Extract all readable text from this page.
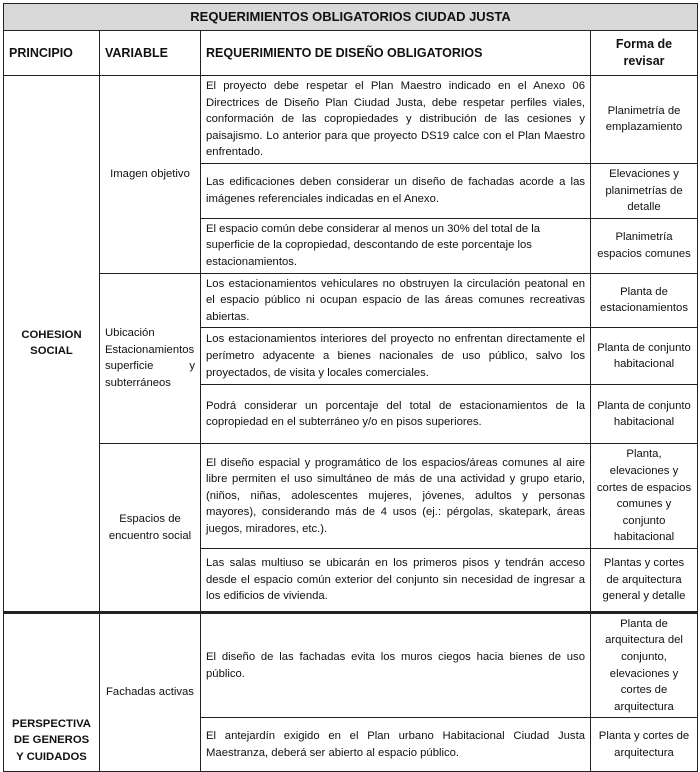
REQUERIMIENTOS OBLIGATORIOS CIUDAD JUSTA			
PRINCIPIO	VARIABLE	REQUERIMIENTO DE DISEÑO OBLIGATORIOS	Forma de revisar
COHESION SOCIAL	Imagen objetivo	El proyecto debe respetar el Plan Maestro indicado en el Anexo 06 Directrices de Diseño Plan Ciudad Justa, debe respetar perfiles viales, conformación de las copropiedades y distribución de las cesiones y paisajismo. Lo anterior para que proyecto DS19 calce con el Plan Maestro enfrentado.	Planimetría de emplazamiento
		Las edificaciones deben considerar un diseño de fachadas acorde a las imágenes referenciales indicadas en el Anexo.	Elevaciones y planimetrías de detalle
		El espacio común debe considerar al menos un 30% del total de la superficie de la copropiedad, descontando de este porcentaje los estacionamientos.	Planimetría espacios comunes
	Ubicación Estacionamientos superficie y subterráneos	Los estacionamientos vehiculares no obstruyen la circulación peatonal en el espacio público ni ocupan espacio de las áreas comunes recreativas abiertas.	Planta de estacionamientos
		Los estacionamientos interiores del proyecto no enfrentan directamente el perímetro adyacente a bienes nacionales de uso público, salvo los proyectados, de visita y locales comerciales.	Planta de conjunto habitacional
		Podrá considerar un porcentaje del total de estacionamientos de la copropiedad en el subterráneo y/o en pisos superiores.	Planta de conjunto habitacional
	Espacios de encuentro social	El diseño espacial y programático de los espacios/áreas comunes al aire libre permiten el uso simultáneo de más de una actividad y grupo etario, (niños, niñas, adolescentes mujeres, jóvenes, adultos y personas mayores), considerando más de 4 usos (ej.: pérgolas, skatepark, áreas juegos, miradores, etc.).	Planta, elevaciones y cortes de espacios comunes y conjunto habitacional
		Las salas multiuso se ubicarán en los primeros pisos y tendrán acceso desde el espacio común exterior del conjunto sin necesidad de ingresar a los edificios de vivienda.	Plantas y cortes de arquitectura general y detalle
PERSPECTIVA DE GENEROS Y CUIDADOS	Fachadas activas	El diseño de las fachadas evita los muros ciegos hacia bienes de uso público.	Planta de arquitectura del conjunto, elevaciones y cortes de arquitectura
		El antejardín exigido en el Plan urbano Habitacional Ciudad Justa Maestranza, deberá ser abierto al espacio público.	Planta y cortes de arquitectura
